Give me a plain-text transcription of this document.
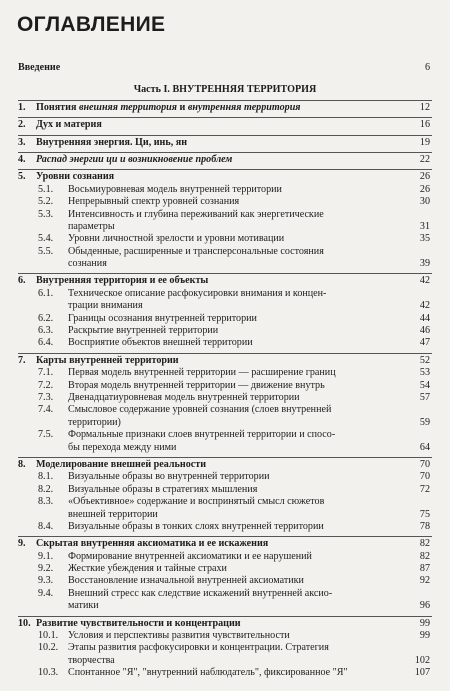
ОГЛАВЛЕНИЕ
Введение	6
Часть I. ВНУТРЕННЯЯ ТЕРРИТОРИЯ
1.	Понятия внешняя территория и внутренняя территория	12
2.	Дух и материя	16
3.	Внутренняя энергия. Ци, инь, ян	19
4.	Распад энергии ци и возникновение проблем	22
5.	Уровни сознания	26
5.1.	Восьмиуровневая модель внутренней территории	26
5.2.	Непрерывный спектр уровней сознания	30
5.3.	Интенсивность и глубина переживаний как энергетические
параметры	31
5.4.	Уровни личностной зрелости и уровни мотивации	35
5.5.	Обыденные, расширенные и трансперсональные состояния
сознания	39
6.	Внутренняя территория и ее объекты	42
6.1.	Техническое описание расфокусировки внимания и концен-
трации внимания	42
6.2.	Границы осознания внутренней территории	44
6.3.	Раскрытие внутренней территории	46
6.4.	Восприятие объектов внешней территории	47
7.	Карты внутренней территории	52
7.1.	Первая модель внутренней территории — расширение границ	53
7.2.	Вторая модель внутренней территории — движение внутрь	54
7.3.	Двенадцатиуровневая модель внутренней территории	57
7.4.	Смысловое содержание уровней сознания (слоев внутренней
территории)	59
7.5.	Формальные признаки слоев внутренней территории и спосо-
бы перехода между ними	64
8.	Моделирование внешней реальности	70
8.1.	Визуальные образы во внутренней территории	70
8.2.	Визуальные образы в стратегиях мышления	72
8.3.	«Объективное» содержание и воспринятый смысл сюжетов
внешней территории	75
8.4.	Визуальные образы в тонких слоях внутренней территории	78
9.	Скрытая внутренняя аксиоматика и ее искажения	82
9.1.	Формирование внутренней аксиоматики и ее нарушений	82
9.2.	Жесткие убеждения и тайные страхи	87
9.3.	Восстановление изначальной внутренней аксиоматики	92
9.4.	Внешний стресс как следствие искажений внутренней аксио-
матики	96
10. Развитие чувствительности и концентрации	99
10.1. Условия и перспективы развития чувствительности	99
10.2. Этапы развития расфокусировки и концентрации. Стратегия
творчества	102
10.3. Спонтанное "Я", "внутренний наблюдатель", фиксированное "Я"	107
